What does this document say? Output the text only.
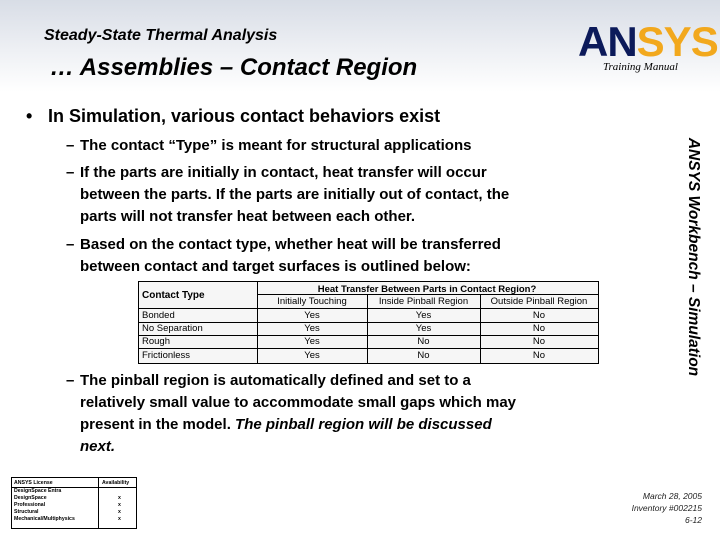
Steady-State Thermal Analysis
… Assemblies – Contact Region
ANSYS
Training Manual
ANSYS Workbench – Simulation
• In Simulation, various contact behaviors exist
– The contact “Type” is meant for structural applications
– If the parts are initially in contact, heat transfer will occur
between the parts. If the parts are initially out of contact, the
parts will not transfer heat between each other.
– Based on the contact type, whether heat will be transferred
between contact and target surfaces is outlined below:
Contact Type
Heat Transfer Between Parts in Contact Region?
Initially Touching	Inside Pinball Region	Outside Pinball Region
Bonded	Yes	Yes	No
No Separation	Yes	Yes	No
Rough	Yes	No	No
Frictionless	Yes	No	No
– The pinball region is automatically defined and set to a
relatively small value to accommodate small gaps which may
present in the model. The pinball region will be discussed
next.
ANSYS License	Availability
DesignSpace Entra
DesignSpace	x
Professional	x
Structural	x
Mechanical/Multiphysics	x
March 28, 2005
Inventory #002215
6-12
